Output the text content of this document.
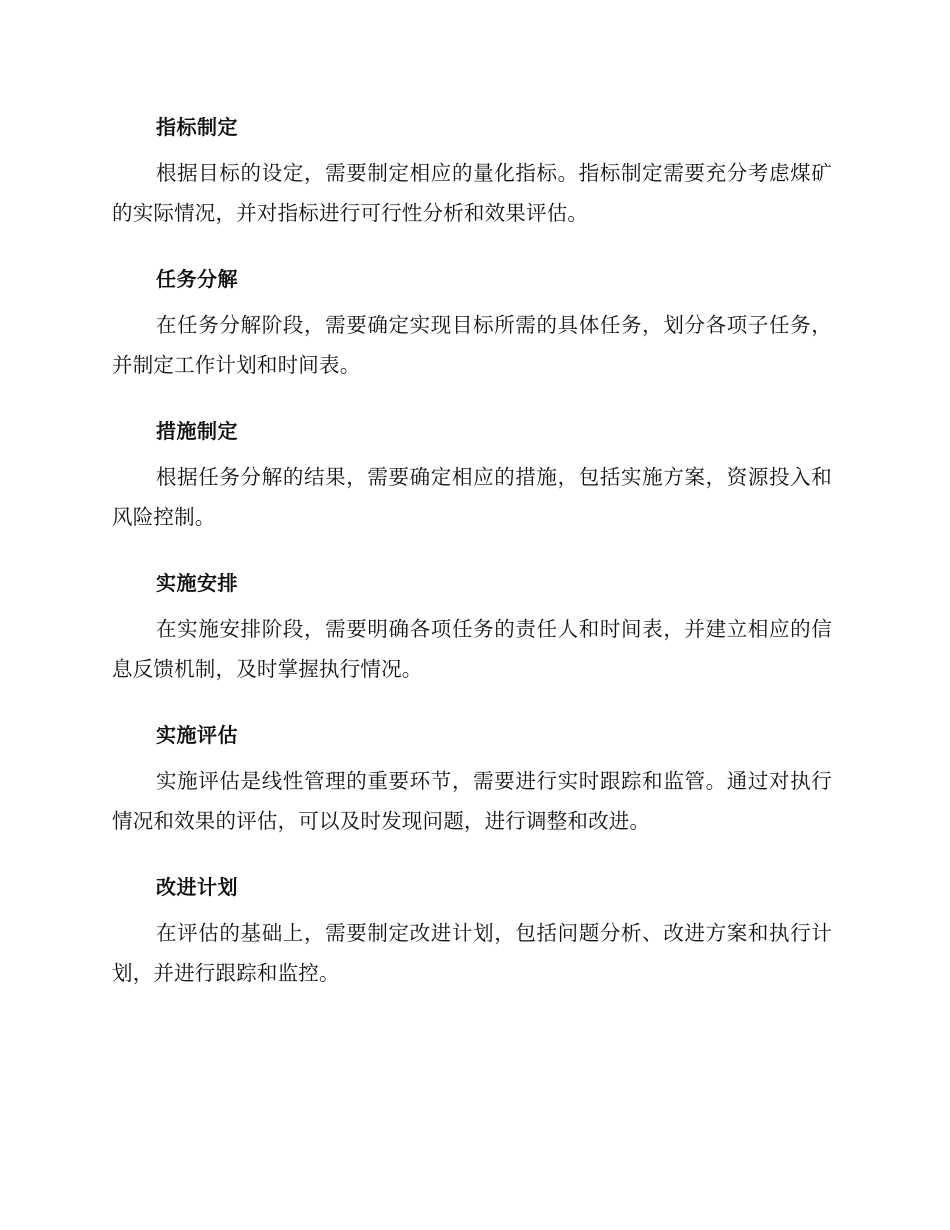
指标制定

根据目标的设定，需要制定相应的量化指标。指标制定需要充分考虑煤矿的实际情况，并对指标进行可行性分析和效果评估。

任务分解

在任务分解阶段，需要确定实现目标所需的具体任务，划分各项子任务，并制定工作计划和时间表。

措施制定

根据任务分解的结果，需要确定相应的措施，包括实施方案，资源投入和风险控制。

实施安排

在实施安排阶段，需要明确各项任务的责任人和时间表，并建立相应的信息反馈机制，及时掌握执行情况。

实施评估

实施评估是线性管理的重要环节，需要进行实时跟踪和监管。通过对执行情况和效果的评估，可以及时发现问题，进行调整和改进。

改进计划

在评估的基础上，需要制定改进计划，包括问题分析、改进方案和执行计划，并进行跟踪和监控。
